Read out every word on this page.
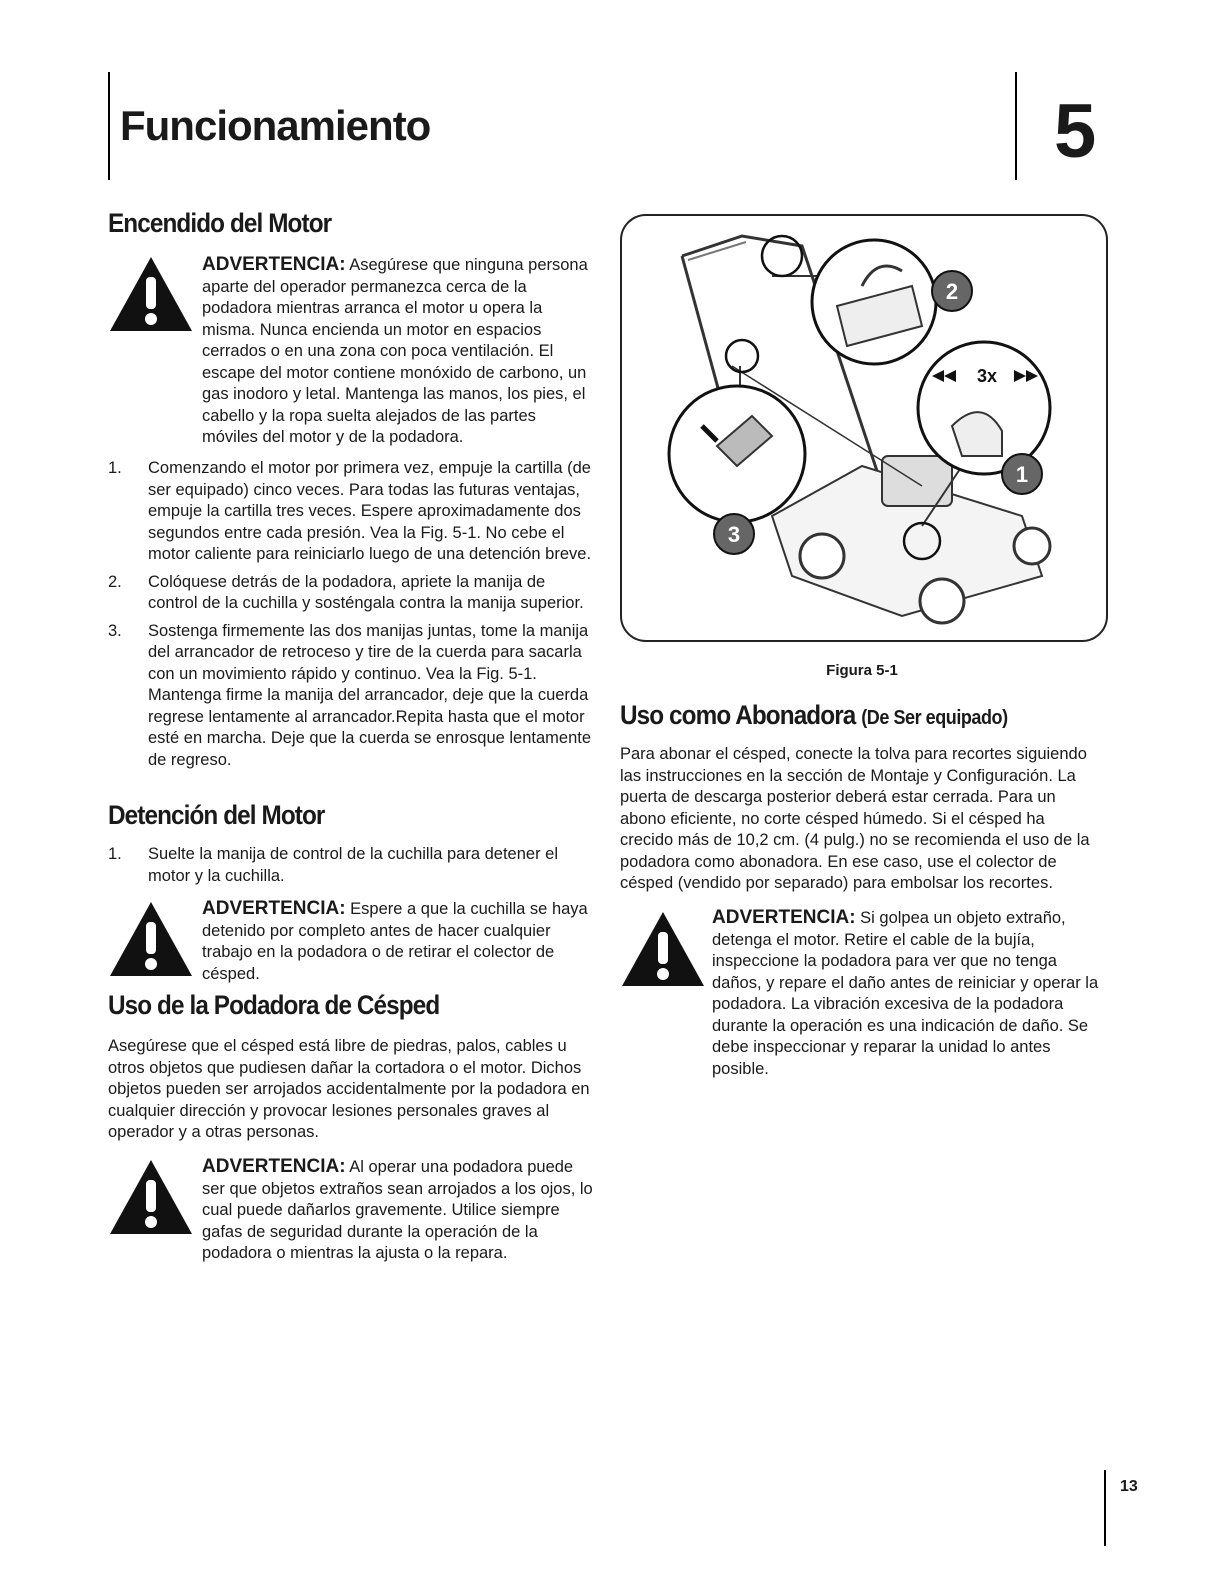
Funcionamiento	5
Encendido del Motor
ADVERTENCIA: Asegúrese que ninguna persona aparte del operador permanezca cerca de la podadora mientras arranca el motor u opera la misma. Nunca encienda un motor en espacios cerrados o en una zona con poca ventilación. El escape del motor contiene monóxido de carbono, un gas inodoro y letal. Mantenga las manos, los pies, el cabello y la ropa suelta alejados de las partes móviles del motor y de la podadora.
1. Comenzando el motor por primera vez, empuje la cartilla (de ser equipado) cinco veces. Para todas las futuras ventajas, empuje la cartilla tres veces. Espere aproximadamente dos segundos entre cada presión. Vea la Fig. 5-1. No cebe el motor caliente para reiniciarlo luego de una detención breve.
2. Colóquese detrás de la podadora, apriete la manija de control de la cuchilla y sosténgala contra la manija superior.
3. Sostenga firmemente las dos manijas juntas, tome la manija del arrancador de retroceso y tire de la cuerda para sacarla con un movimiento rápido y continuo. Vea la Fig. 5-1. Mantenga firme la manija del arrancador, deje que la cuerda regrese lentamente al arrancador.Repita hasta que el motor esté en marcha. Deje que la cuerda se enrosque lentamente de regreso.
Detención del Motor
1. Suelte la manija de control de la cuchilla para detener el motor y la cuchilla.
ADVERTENCIA: Espere a que la cuchilla se haya detenido por completo antes de hacer cualquier trabajo en la podadora o de retirar el colector de césped.
Uso de la Podadora de Césped
Asegúrese que el césped está libre de piedras, palos, cables u otros objetos que pudiesen dañar la cortadora o el motor. Dichos objetos pueden ser arrojados accidentalmente por la podadora en cualquier dirección y provocar lesiones personales graves al operador y a otras personas.
ADVERTENCIA: Al operar una podadora puede ser que objetos extraños sean arrojados a los ojos, lo cual puede dañarlos gravemente. Utilice siempre gafas de seguridad durante la operación de la podadora o mientras la ajusta o la repara.
2
1
3
3x
Figura 5-1
Uso como Abonadora (De Ser equipado)
Para abonar el césped, conecte la tolva para recortes siguiendo las instrucciones en la sección de Montaje y Configuración. La puerta de descarga posterior deberá estar cerrada. Para un abono eficiente, no corte césped húmedo. Si el césped ha crecido más de 10,2 cm. (4 pulg.) no se recomienda el uso de la podadora como abonadora. En ese caso, use el colector de césped (vendido por separado) para embolsar los recortes.
ADVERTENCIA: Si golpea un objeto extraño, detenga el motor. Retire el cable de la bujía, inspeccione la podadora para ver que no tenga daños, y repare el daño antes de reiniciar y operar la podadora. La vibración excesiva de la podadora durante la operación es una indicación de daño. Se debe inspeccionar y reparar la unidad lo antes posible.
13
